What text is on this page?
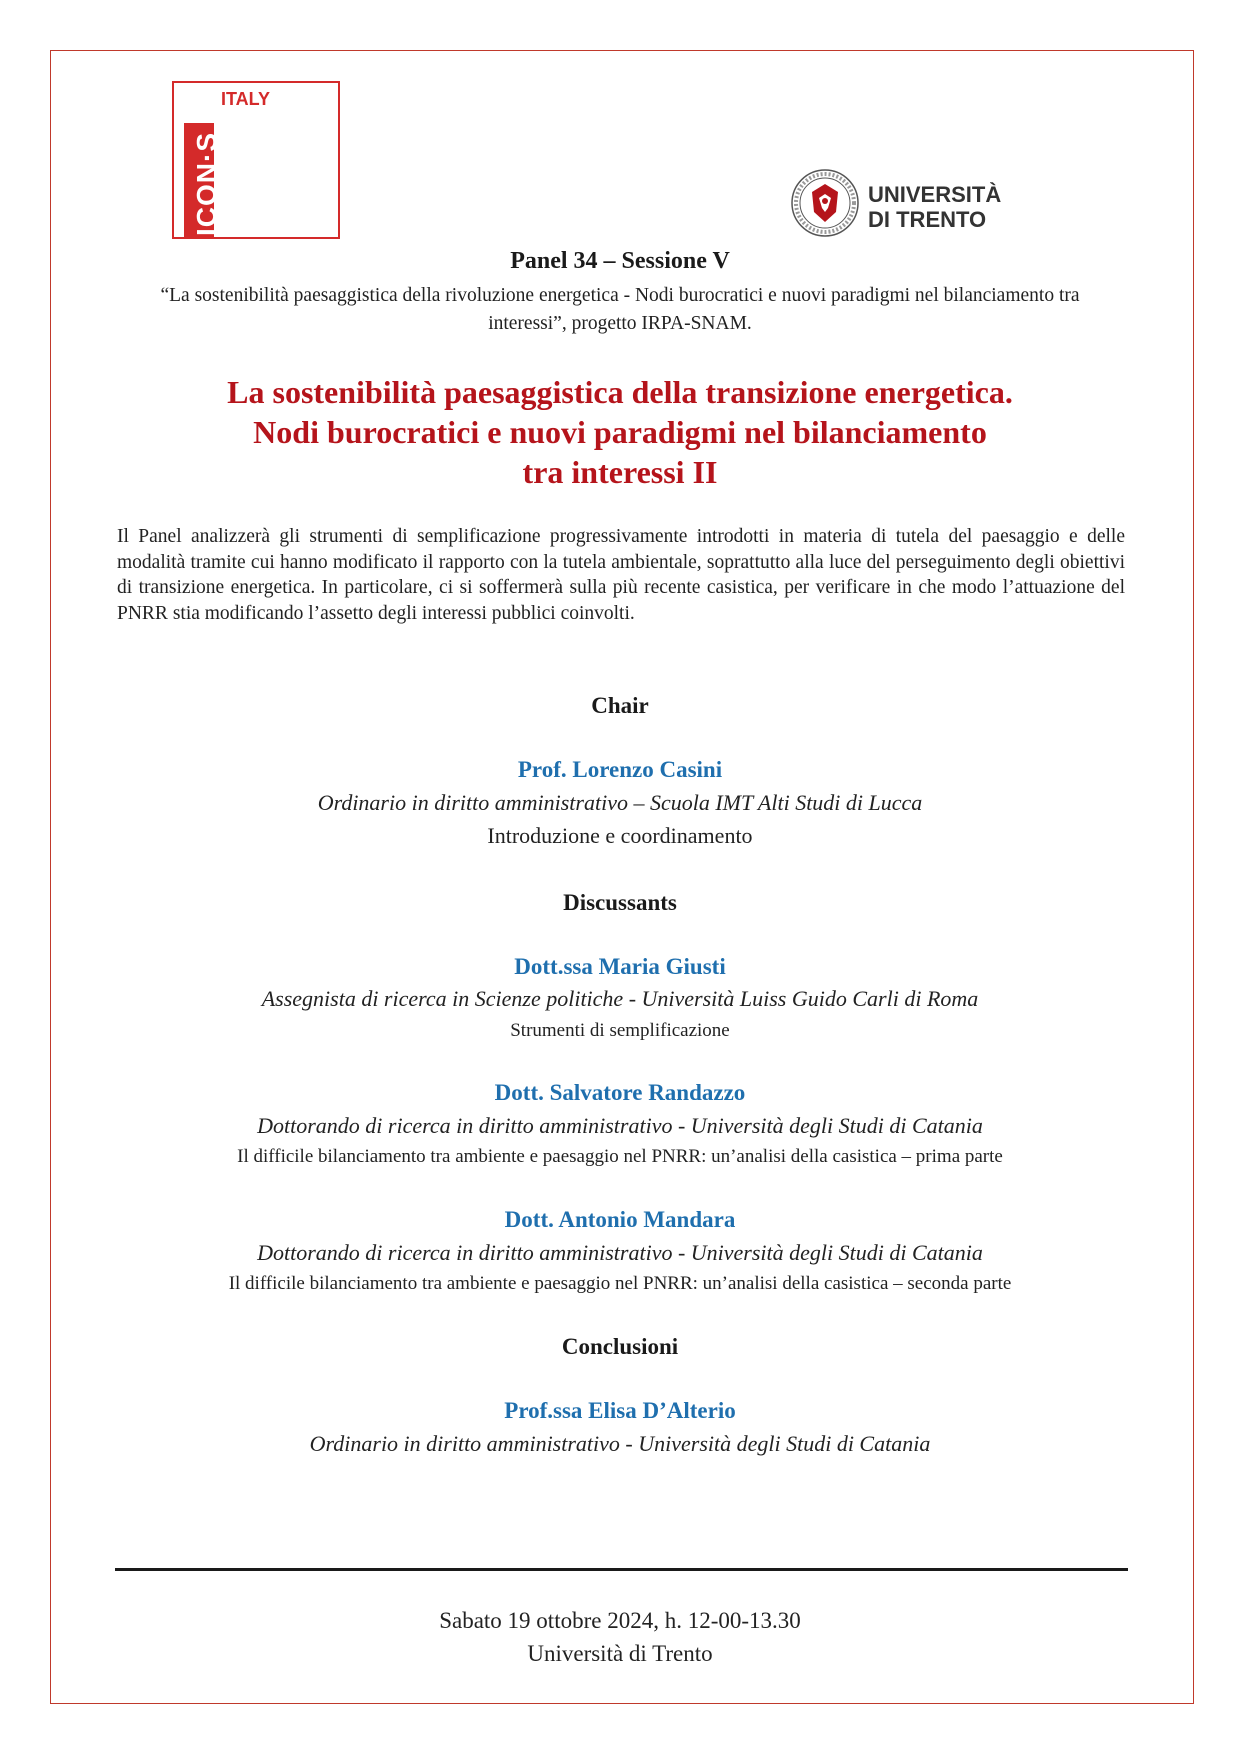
ICON·S
ITALY
UNIVERSITÀ
DI TRENTO
Panel 34 – Sessione V
“La sostenibilità paesaggistica della rivoluzione energetica - Nodi burocratici e nuovi paradigmi nel bilanciamento tra interessi”, progetto IRPA-SNAM.
La sostenibilità paesaggistica della transizione energetica.
Nodi burocratici e nuovi paradigmi nel bilanciamento
tra interessi II
Il Panel analizzerà gli strumenti di semplificazione progressivamente introdotti in materia di tutela del paesaggio e delle modalità tramite cui hanno modificato il rapporto con la tutela ambientale, soprattutto alla luce del perseguimento degli obiettivi di transizione energetica. In particolare, ci si soffermerà sulla più recente casistica, per verificare in che modo l’attuazione del PNRR stia modificando l’assetto degli interessi pubblici coinvolti.
Chair
Prof. Lorenzo Casini
Ordinario in diritto amministrativo – Scuola IMT Alti Studi di Lucca
Introduzione e coordinamento
Discussants
Dott.ssa Maria Giusti
Assegnista di ricerca in Scienze politiche - Università Luiss Guido Carli di Roma
Strumenti di semplificazione
Dott. Salvatore Randazzo
Dottorando di ricerca in diritto amministrativo - Università degli Studi di Catania
Il difficile bilanciamento tra ambiente e paesaggio nel PNRR: un’analisi della casistica – prima parte
Dott. Antonio Mandara
Dottorando di ricerca in diritto amministrativo - Università degli Studi di Catania
Il difficile bilanciamento tra ambiente e paesaggio nel PNRR: un’analisi della casistica – seconda parte
Conclusioni
Prof.ssa Elisa D’Alterio
Ordinario in diritto amministrativo - Università degli Studi di Catania
Sabato 19 ottobre 2024, h. 12-00-13.30
Università di Trento
